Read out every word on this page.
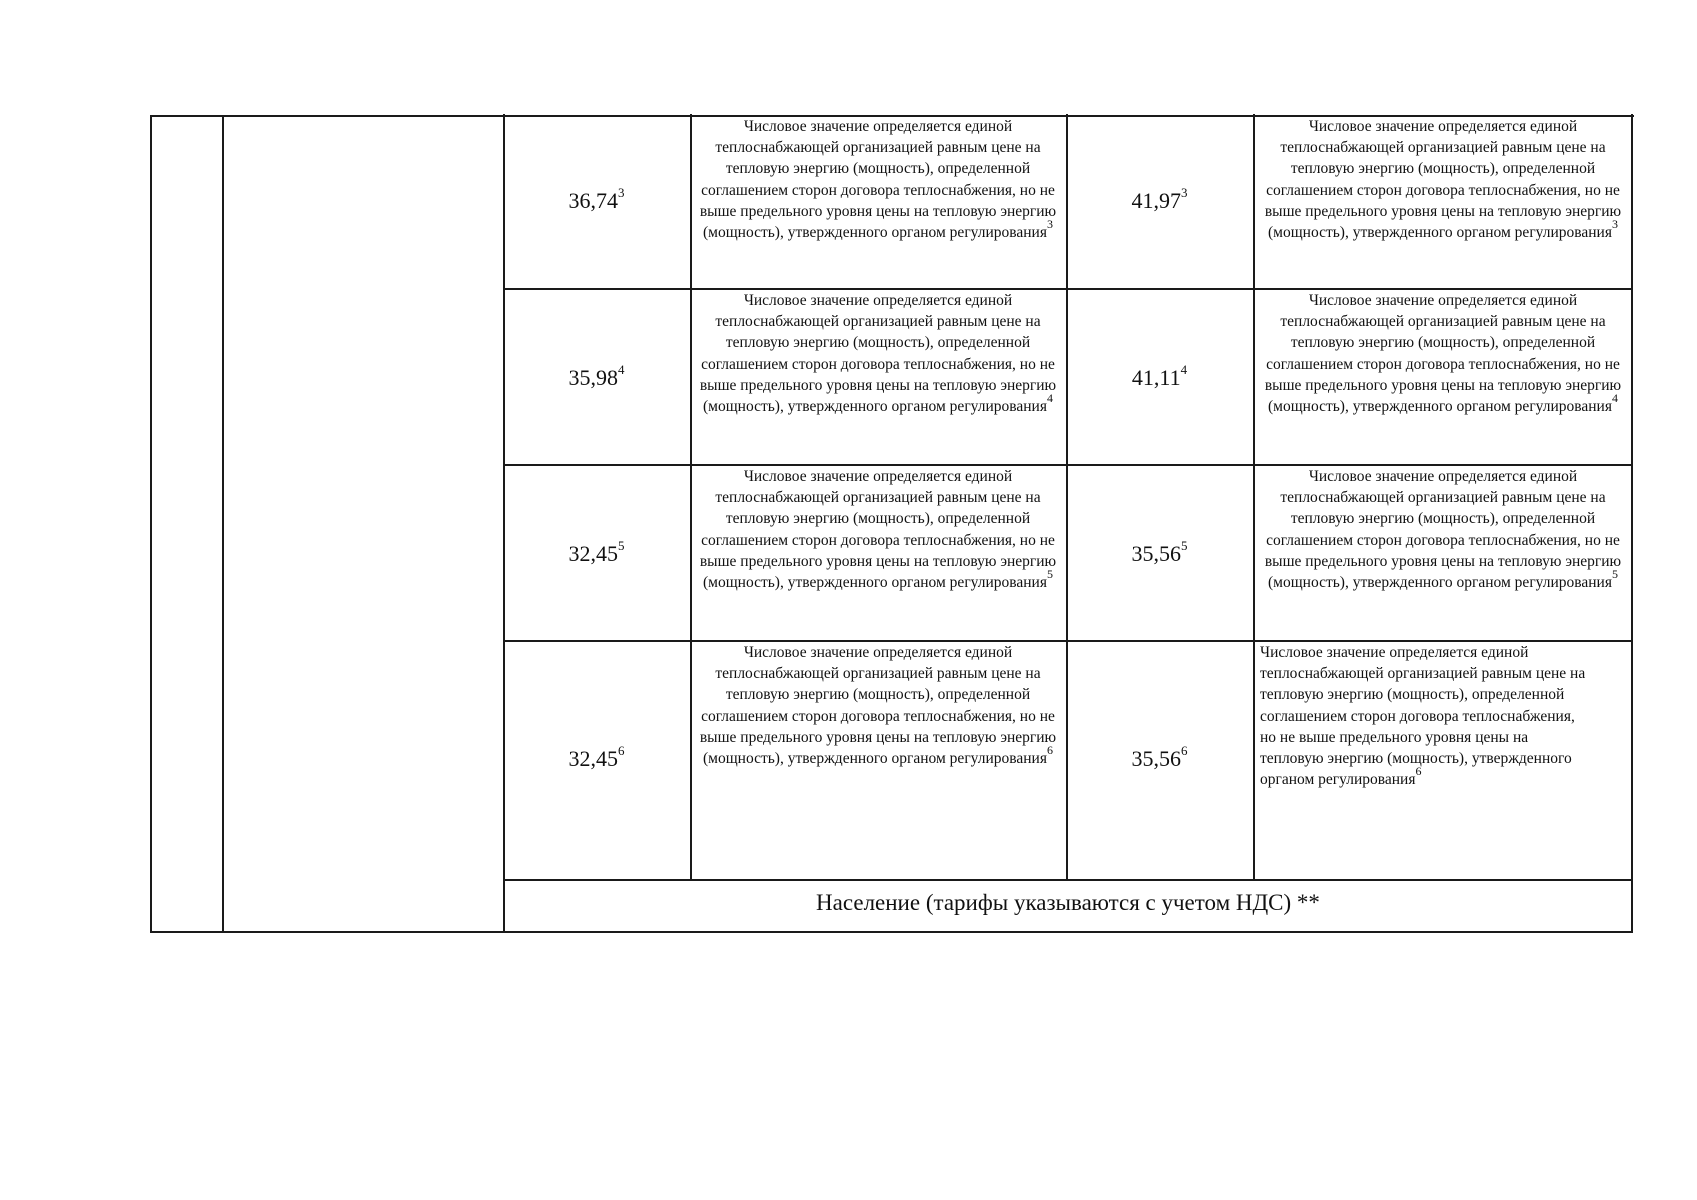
36,74$^3$
Числовое значение определяется единой теплоснабжающей организацией равным цене на тепловую энергию (мощность), определенной соглашением сторон договора теплоснабжения, но не выше предельного уровня цены на тепловую энергию (мощность), утвержденного органом регулирования$^3$
41,97$^3$
Числовое значение определяется единой теплоснабжающей организацией равным цене на тепловую энергию (мощность), определенной соглашением сторон договора теплоснабжения, но не выше предельного уровня цены на тепловую энергию (мощность), утвержденного органом регулирования$^3$
35,98$^4$
Числовое значение определяется единой теплоснабжающей организацией равным цене на тепловую энергию (мощность), определенной соглашением сторон договора теплоснабжения, но не выше предельного уровня цены на тепловую энергию (мощность), утвержденного органом регулирования$^4$
41,11$^4$
Числовое значение определяется единой теплоснабжающей организацией равным цене на тепловую энергию (мощность), определенной соглашением сторон договора теплоснабжения, но не выше предельного уровня цены на тепловую энергию (мощность), утвержденного органом регулирования$^4$
32,45$^5$
Числовое значение определяется единой теплоснабжающей организацией равным цене на тепловую энергию (мощность), определенной соглашением сторон договора теплоснабжения, но не выше предельного уровня цены на тепловую энергию (мощность), утвержденного органом регулирования$^5$
35,56$^5$
Числовое значение определяется единой теплоснабжающей организацией равным цене на тепловую энергию (мощность), определенной соглашением сторон договора теплоснабжения, но не выше предельного уровня цены на тепловую энергию (мощность), утвержденного органом регулирования$^5$
32,45$^6$
Числовое значение определяется единой теплоснабжающей организацией равным цене на тепловую энергию (мощность), определенной соглашением сторон договора теплоснабжения, но не выше предельного уровня цены на тепловую энергию (мощность), утвержденного органом регулирования$^6$	35,56$^6$
Числовое значение определяется единой теплоснабжающей организацией равным цене на тепловую энергию (мощность), определенной соглашением сторон договора теплоснабжения, но не выше предельного уровня цены на тепловую энергию (мощность), утвержденного органом регулирования$^6$
Население (тарифы указываются с учетом НДС) **
